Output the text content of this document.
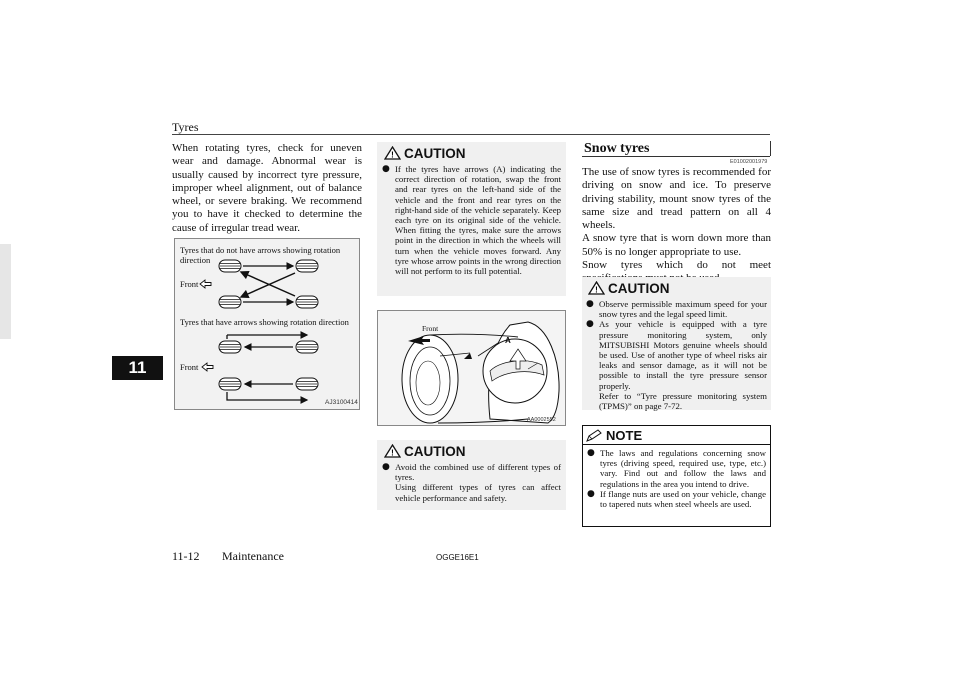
Tyres
11
When rotating tyres, check for uneven wear and damage. Abnormal wear is usually caused by incorrect tyre pressure, improper wheel alignment, out of balance wheel, or severe braking. We recommend you to have it checked to determine the cause of irregular tread wear.
Tyres that do not have arrows showing rotation direction
Front
Tyres that have arrows showing rotation direction
Front
AJ3100414
! CAUTION
● If the tyres have arrows (A) indicating the correct direction of rotation, swap the front and rear tyres on the left-hand side of the vehicle and the front and rear tyres on the right-hand side of the vehicle separately. Keep each tyre on its original side of the vehicle. When fitting the tyres, make sure the arrows point in the direction in which the wheels will turn when the vehicle moves forward. Any tyre whose arrow points in the wrong direction will not perform to its full potential.
Front
A
AA0002552
! CAUTION
● Avoid the combined use of different types of tyres.
Using different types of tyres can affect vehicle performance and safety.
Snow tyres
E01002001979
The use of snow tyres is recommended for driving on snow and ice. To preserve driving stability, mount snow tyres of the same size and tread pattern on all 4 wheels.
A snow tyre that is worn down more than 50% is no longer appropriate to use.
Snow tyres which do not meet
! CAUTION
● Observe permissible maximum speed for your snow tyres and the legal speed limit.
● As your vehicle is equipped with a tyre pressure monitoring system, only MITSUBISHI Motors genuine wheels should be used. Use of another type of wheel risks air leaks and sensor damage, as it will not be possible to install the tyre pressure sensor properly.
Refer to “Tyre pressure monitoring system (TPMS)” on page 7-72.
NOTE
● The laws and regulations concerning snow tyres (driving speed, required use, type, etc.) vary. Find out and follow the laws and regulations in the area you intend to drive.
● If flange nuts are used on your vehicle, change to tapered nuts when steel wheels are used.
11-12 Maintenance	OGGE16E1
